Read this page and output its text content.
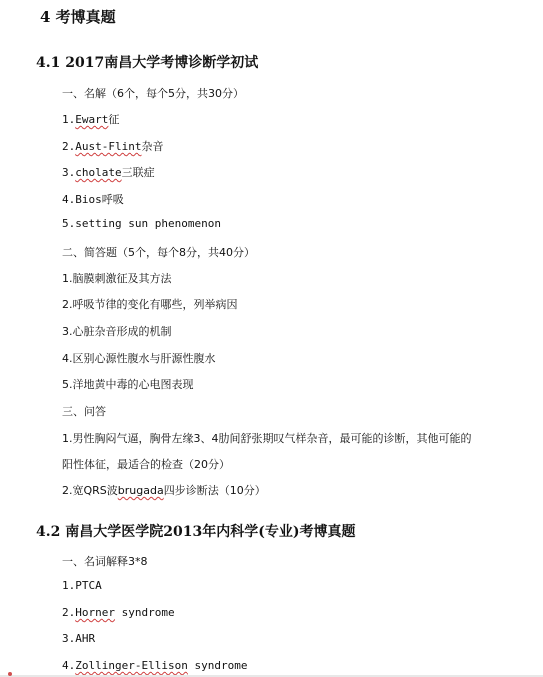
4 考博真题
4.1 2017南昌大学考博诊断学初试
一、名解（6个，每个5分，共30分）
1.Ewart征
2.Aust-Flint杂音
3.cholate三联症
4.Bios呼吸
5.setting sun phenomenon
二、简答题（5个，每个8分，共40分）
1.脑膜刺激征及其方法
2.呼吸节律的变化有哪些，列举病因
3.心脏杂音形成的机制
4.区别心源性腹水与肝源性腹水
5.洋地黄中毒的心电图表现
三、问答
1.男性胸闷气逼，胸骨左缘3、4肋间舒张期叹气样杂音，最可能的诊断，其他可能的
阳性体征，最适合的检查（20分）
2.宽QRS波brugada四步诊断法（10分）
4.2 南昌大学医学院2013年内科学(专业)考博真题
一、名词解释3*8
1.PTCA
2.Horner syndrome
3.AHR
4.Zollinger-Ellison syndrome
